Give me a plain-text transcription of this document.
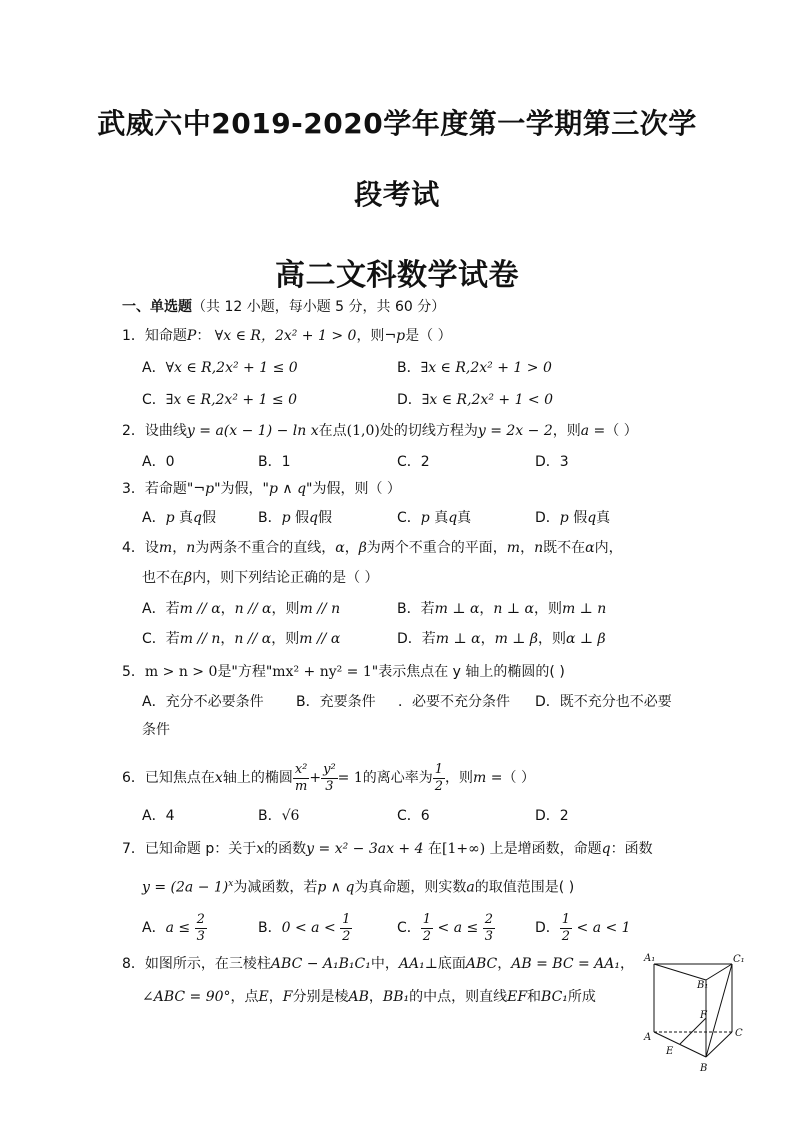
武威六中2019-2020学年度第一学期第三次学
段考试
高二文科数学试卷
一、单选题（共 12 小题，每小题 5 分，共 60 分）
1．知命题P： ∀x ∈ R，2x² + 1 > 0，则¬p是（ ）
A．∀x ∈ R,2x² + 1 ≤ 0	B．∃x ∈ R,2x² + 1 > 0
C．∃x ∈ R,2x² + 1 ≤ 0	D．∃x ∈ R,2x² + 1 < 0
2．设曲线y = a(x − 1) − ln x在点(1,0)处的切线方程为y = 2x − 2，则a =（ ）
A．0	B．1	C．2	D．3
3．若命题"¬p"为假，"p ∧ q"为假，则（ ）
A．p 真q假	B．p 假q假	C．p 真q真	D．p 假q真
4．设m，n为两条不重合的直线，α，β为两个不重合的平面，m，n既不在α内，
也不在β内，则下列结论正确的是（ ）
A．若m // α，n // α，则m // n	B．若m ⊥ α，n ⊥ α，则m ⊥ n
C．若m // n，n // α，则m // α	D．若m ⊥ α，m ⊥ β，则α ⊥ β
5．m > n > 0是"方程"mx² + ny² = 1"表示焦点在 y 轴上的椭圆的( )
A．充分不必要条件 B．充要条件 ．必要不充分条件 D．既不充分也不必要
条件
6．已知焦点在x轴上的椭圆 $\frac{\text{x²}}{m} + \frac{\text{y²}}{3} = 1$的离心率为 $\frac{1}{2}$ ，则m =（ ）
A．4	B．√6	C．6	D．2
7．已知命题 p：关于x的函数y = x² − 3ax + 4 在[1+∞) 上是增函数，命题q：函数
$y = (2a - 1)^x$为减函数，若p ∧ q为真命题，则实数a的取值范围是( )
A．$a \le \frac{2}{3}$	B．$0 < a < \frac{1}{2}$	C． $\frac{1}{2} < a \le \frac{2}{3}$	D． $\frac{1}{2} < a < 1$
8．如图所示，在三棱柱ABC − A₁B₁C₁中，AA₁⊥底面ABC，AB = BC = AA₁，
∠ABC = 90°，点E，F分别是棱AB，BB₁的中点，则直线EF和BC₁所成
A₁	C₁
B₁
F
A	C
E
B
